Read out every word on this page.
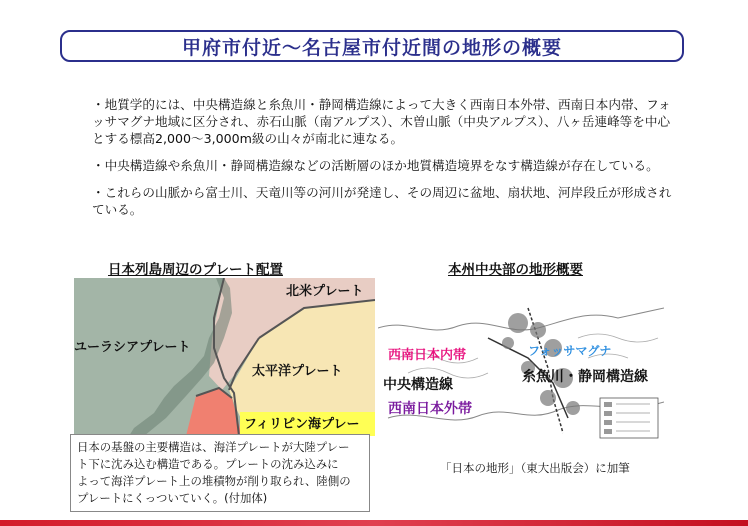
甲府市付近～名古屋市付近間の地形の概要

・地質学的には、中央構造線と糸魚川・静岡構造線によって大きく西南日本外帯、西南日本内帯、フォッサマグナ地域に区分され、赤石山脈（南アルプス）、木曽山脈（中央アルプス）、八ヶ岳連峰等を中心とする標高2,000～3,000m級の山々が南北に連なる。

・中央構造線や糸魚川・静岡構造線などの活断層のほか地質構造境界をなす構造線が存在している。

・これらの山脈から富士川、天竜川等の河川が発達し、その周辺に盆地、扇状地、河岸段丘が形成されている。

日本列島周辺のプレート配置
ユーラシアプレート
北米プレート
太平洋プレート
フィリピン海プレー
日本の基盤の主要構造は、海洋プレートが大陸プレー
ト下に沈み込む構造である。プレートの沈み込みに
よって海洋プレート上の堆積物が削り取られ、陸側の
プレートにくっついていく。(付加体)
本州中央部の地形概要
西南日本内帯	フォッサマグナ
中央構造線	糸魚川・静岡構造線
西南日本外帯
「日本の地形」（東大出版会）に加筆
